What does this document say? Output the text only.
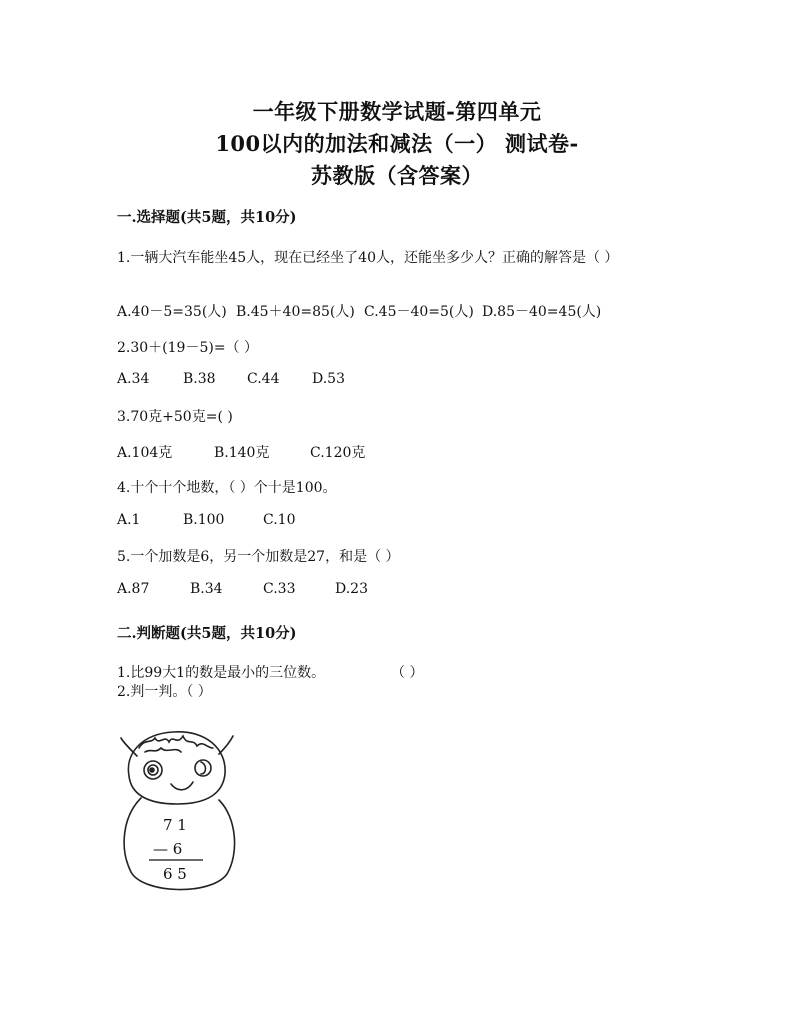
一年级下册数学试题-第四单元
100以内的加法和减法（一） 测试卷-
苏教版（含答案）
一.选择题(共5题，共10分)
1.一辆大汽车能坐45人，现在已经坐了40人，还能坐多少人？正确的解答是（ ）
A.40－5=35(人) B.45＋40=85(人) C.45－40=5(人) D.85－40=45(人)
2.30＋(19－5)=（ ）
A.34 B.38 C.44 D.53
3.70克+50克=( )
A.104克	B.140克	C.120克
4.十个十个地数，（ ）个十是100。
A.1	B.100	C.10
5.一个加数是6，另一个加数是27，和是（ ）
A.87	B.34	C.33	D.23
二.判断题(共5题，共10分)
1.比99大1的数是最小的三位数。	（ ）
2.判一判。（ ）
7 1
— 6
6 5
